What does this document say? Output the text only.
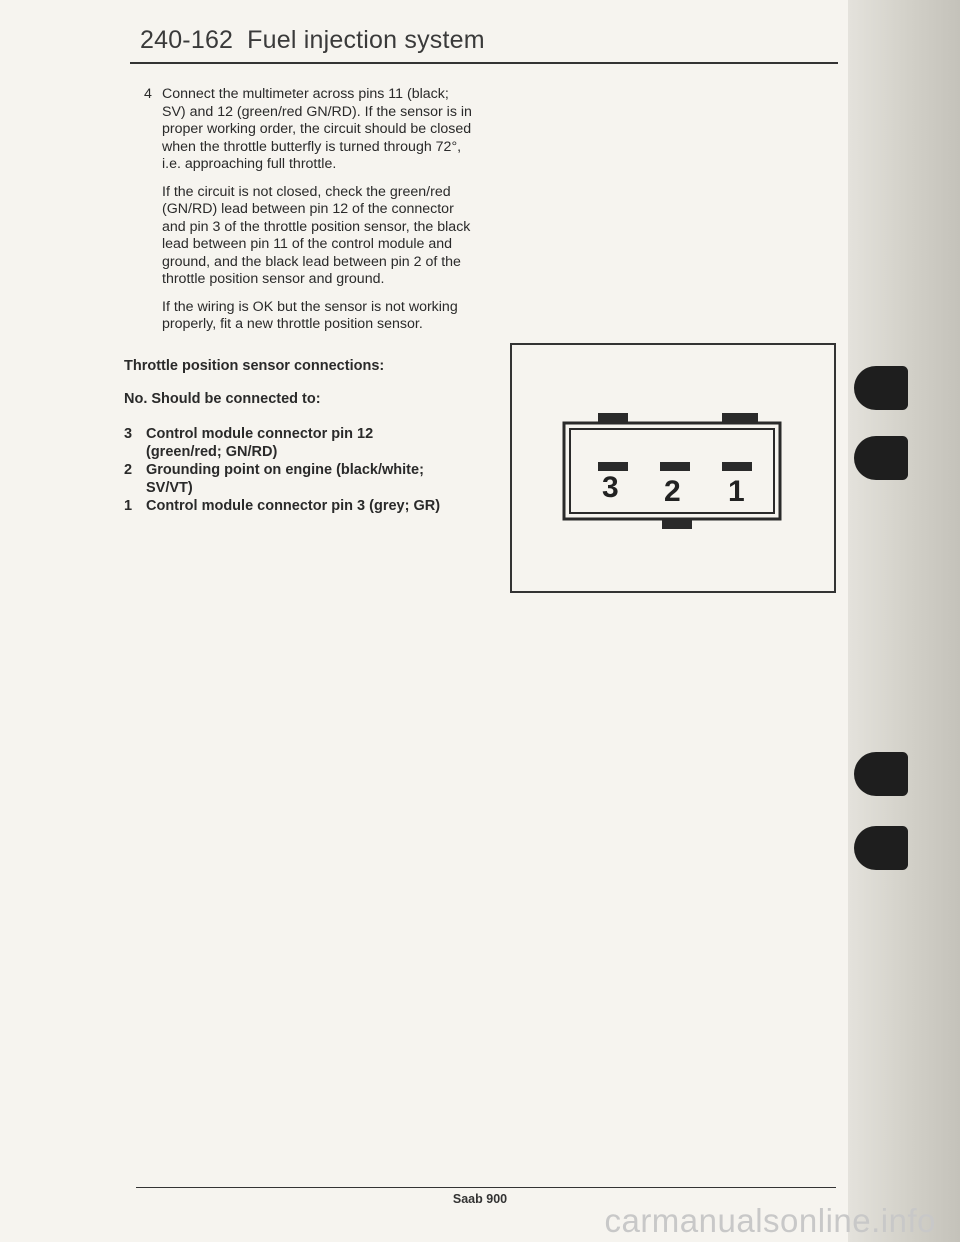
240-162 Fuel injection system
4 Connect the multimeter across pins 11 (black; SV) and 12 (green/red GN/RD). If the sensor is in proper working order, the circuit should be closed when the throttle butterfly is turned through 72°, i.e. approaching full throttle.

If the circuit is not closed, check the green/red (GN/RD) lead between pin 12 of the connector and pin 3 of the throttle position sensor, the black lead between pin 11 of the control module and ground, and the black lead between pin 2 of the throttle position sensor and ground.

If the wiring is OK but the sensor is not working properly, fit a new throttle position sensor.

Throttle position sensor connections:
No. Should be connected to:
3 Control module connector pin 12
(green/red; GN/RD)
2 Grounding point on engine (black/white;
SV/VT)
1 Control module connector pin 3 (grey; GR)
3 2 1
Saab 900
carmanualsonline.info
